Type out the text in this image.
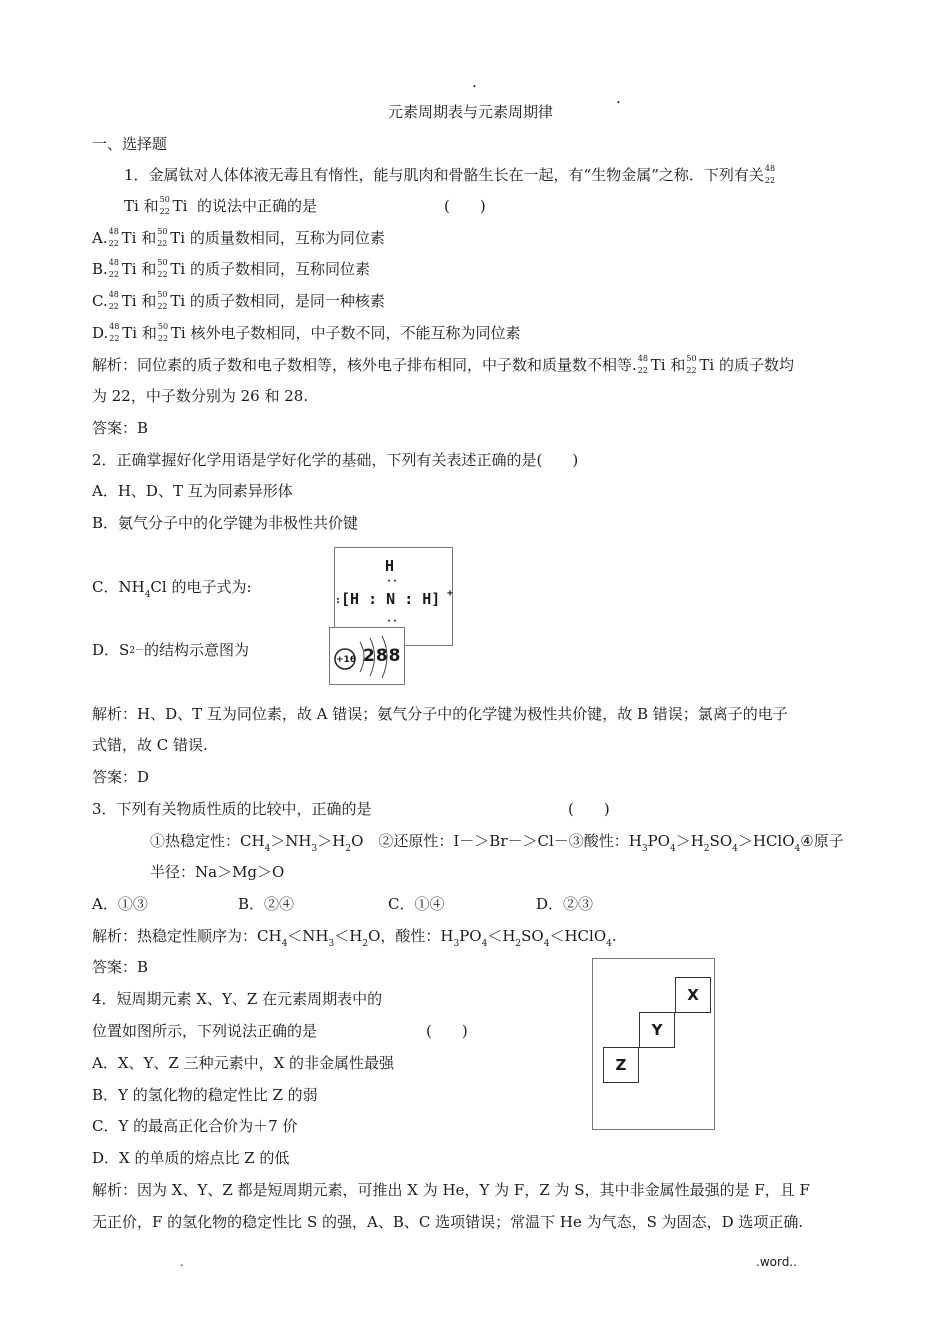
.
.
元素周期表与元素周期律
一、选择题
1．金属钛对人体体液无毒且有惰性，能与肌肉和骨骼生长在一起，有“生物金属”之称．下列有关 48
22
Ti 和 50
22 Ti 的说法中正确的是	(　　)
A. 48
22 Ti 和 50
22 Ti 的质量数相同，互称为同位素
B. 48
22 Ti 和 50
22 Ti 的质子数相同，互称同位素
C. 48
22 Ti 和 50
22 Ti 的质子数相同，是同一种核素
D. 48
22 Ti 和 50
22 Ti 核外电子数相同，中子数不同，不能互称为同位素
解析：同位素的质子数和电子数相等，核外电子排布相同，中子数和质量数不相等. 48
22 Ti 和 50
22 Ti 的质子数均
为 22，中子数分别为 26 和 28.
答案：B
2．正确掌握好化学用语是学好化学的基础，下列有关表述正确的是(　　)
A．H、D、T 互为同素异形体
B．氨气分子中的化学键为非极性共价键
C．$NH_4Cl$ 的电子式为:
H
··
: [H : N : H] +
··
D．S2－的结构示意图为
+16 288
解析：H、D、T 互为同位素，故 A 错误；氨气分子中的化学键为极性共价键，故 B 错误；氯离子的电子
式错，故 C 错误.
答案：D
3．下列有关物质性质的比较中，正确的是	(　　)
①热稳定性：$CH_4>NH_3>H_2O$　②还原性：I－＞Br－＞Cl－③酸性：$H_3PO_4>H_2SO_4>HClO_4④$原子
半径：Na＞Mg＞O
A．①③	B．②④	C．①④	D．②③
解析：热稳定性顺序为：$CH_4<NH_3<H_2O$，酸性：$H_3PO_4<H_2SO_4<HClO_4$.
答案：B
4．短周期元素 X、Y、Z 在元素周期表中的
位置如图所示，下列说法正确的是	(　　)
A．X、Y、Z 三种元素中，X 的非金属性最强
B．Y 的氢化物的稳定性比 Z 的弱
C．Y 的最高正化合价为＋7 价
D．X 的单质的熔点比 Z 的低
X
Y
Z
解析：因为 X、Y、Z 都是短周期元素，可推出 X 为 He，Y 为 F，Z 为 S，其中非金属性最强的是 F，且 F
无正价，F 的氢化物的稳定性比 S 的强，A、B、C 选项错误；常温下 He 为气态，S 为固态，D 选项正确.
.	.word..
